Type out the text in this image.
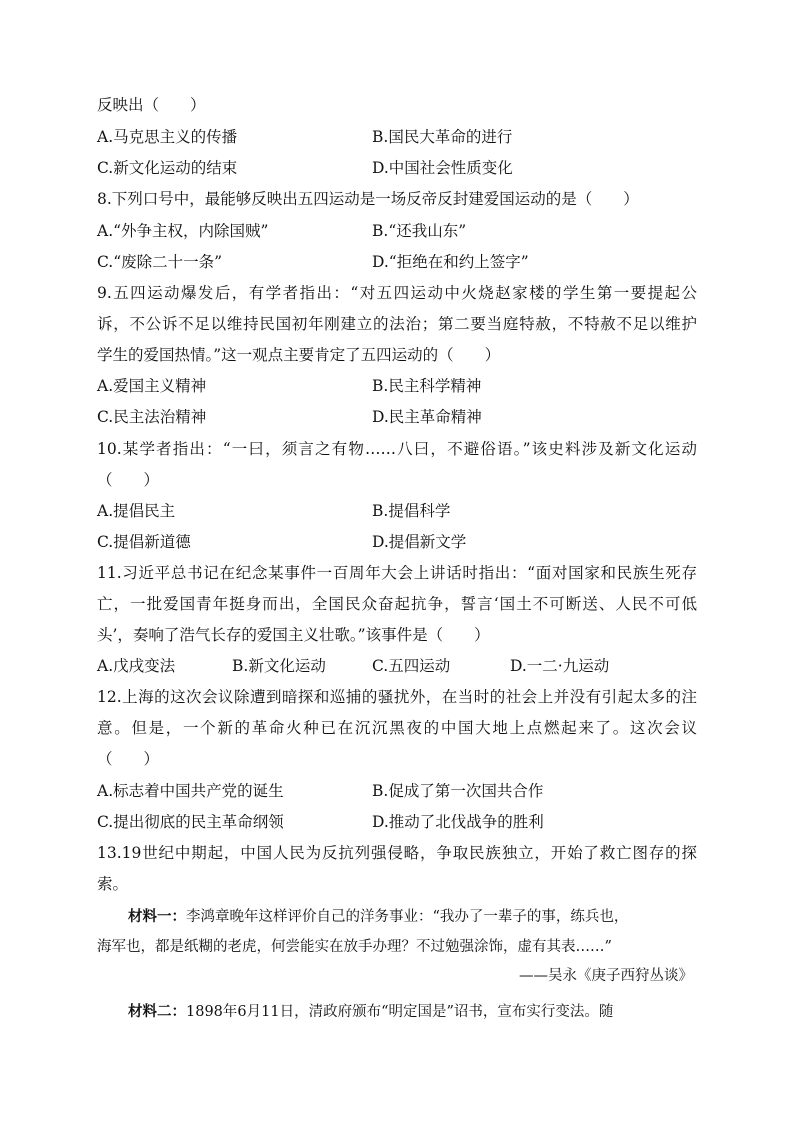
反映出（　　）
A.马克思主义的传播	B.国民大革命的进行
C.新文化运动的结束	D.中国社会性质变化
8.下列口号中，最能够反映出五四运动是一场反帝反封建爱国运动的是（　　）
A.“外争主权，内除国贼”	B.“还我山东”
C.“废除二十一条”	D.“拒绝在和约上签字”
9.五四运动爆发后，有学者指出：“对五四运动中火烧赵家楼的学生第一要提起公
诉，不公诉不足以维持民国初年刚建立的法治；第二要当庭特赦，不特赦不足以维护
学生的爱国热情。”这一观点主要肯定了五四运动的（　　）
A.爱国主义精神	B.民主科学精神
C.民主法治精神	D.民主革命精神
10.某学者指出：“一曰，须言之有物……八曰，不避俗语。”该史料涉及新文化运动
（　　）
A.提倡民主	B.提倡科学
C.提倡新道德	D.提倡新文学
11.习近平总书记在纪念某事件一百周年大会上讲话时指出：“面对国家和民族生死存
亡，一批爱国青年挺身而出，全国民众奋起抗争，誓言‘国土不可断送、人民不可低
头’，奏响了浩气长存的爱国主义壮歌。”该事件是（　　）
A.戊戌变法	B.新文化运动	C.五四运动	D.一二·九运动
12.上海的这次会议除遭到暗探和巡捕的骚扰外，在当时的社会上并没有引起太多的注
意。但是，一个新的革命火种已在沉沉黑夜的中国大地上点燃起来了。这次会议
（　　）
A.标志着中国共产党的诞生	B.促成了第一次国共合作
C.提出彻底的民主革命纲领	D.推动了北伐战争的胜利
13.19世纪中期起，中国人民为反抗列强侵略，争取民族独立，开始了救亡图存的探
索。
材料一：李鸿章晚年这样评价自己的洋务事业：“我办了一辈子的事，练兵也，
海军也，都是纸糊的老虎，何尝能实在放手办理？不过勉强涂饰，虚有其表……”
——吴永《庚子西狩丛谈》
材料二：1898年6月11日，清政府颁布“明定国是”诏书，宣布实行变法。随
